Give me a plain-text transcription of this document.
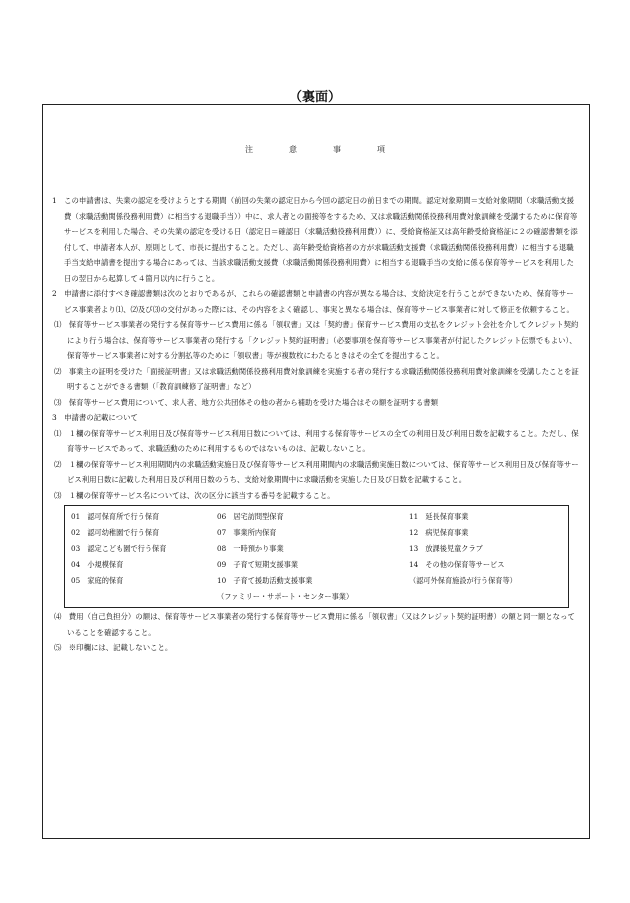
（裏面）
注　意　事　項

1　この申請書は、失業の認定を受けようとする期間（前回の失業の認定日から今回の認定日の前日までの期間。認定対象期間＝支給対象期間（求職活動支援費（求職活動関係役務利用費）に相当する退職手当））中に、求人者との面接等をするため、又は求職活動関係役務利用費対象訓練を受講するために保育等サービスを利用した場合、その失業の認定を受ける日（認定日＝確認日（求職活動役務利用費））に、受給資格証又は高年齢受給資格証に２の確認書類を添付して、申請者本人が、原則として、市長に提出すること。ただし、高年齢受給資格者の方が求職活動支援費（求職活動関係役務利用費）に相当する退職手当支給申請書を提出する場合にあっては、当該求職活動支援費（求職活動関係役務利用費）に相当する退職手当の支給に係る保育等サービスを利用した日の翌日から起算して４箇月以内に行うこと。

2　申請書に添付すべき確認書類は次のとおりであるが、これらの確認書類と申請書の内容が異なる場合は、支給決定を行うことができないため、保育等サービス事業者より⑴、⑵及び⑶の交付があった際には、その内容をよく確認し、事実と異なる場合は、保育等サービス事業者に対して修正を依頼すること。

⑴　保育等サービス事業者の発行する保育等サービス費用に係る「領収書」又は「契約書」保育サービス費用の支払をクレジット会社を介してクレジット契約により行う場合は、保育等サービス事業者の発行する「クレジット契約証明書」（必要事項を保育等サービス事業者が付記したクレジット伝票でもよい）、保育等サービス事業者に対する分割払等のために「領収書」等が複数枚にわたるときはその全てを提出すること。

⑵　事業主の証明を受けた「面接証明書」又は求職活動関係役務利用費対象訓練を実施する者の発行する求職活動関係役務利用費対象訓練を受講したことを証明することができる書類（「教育訓練修了証明書」など）

⑶　保育等サービス費用について、求人者、地方公共団体その他の者から補助を受けた場合はその額を証明する書類

3　申請書の記載について

⑴　１欄の保育等サービス利用日及び保育等サービス利用日数については、利用する保育等サービスの全ての利用日及び利用日数を記載すること。ただし、保育等サービスであって、求職活動のために利用するものではないものは、記載しないこと。

⑵　１欄の保育等サービス利用期間内の求職活動実施日及び保育等サービス利用期間内の求職活動実施日数については、保育等サービス利用日及び保育等サービス利用日数に記載した利用日及び利用日数のうち、支給対象期間中に求職活動を実施した日及び日数を記載すること。

⑶　１欄の保育等サービス名については、次の区分に該当する番号を記載すること。

01　認可保育所で行う保育	06　居宅訪問型保育	11　延長保育事業
02　認可幼稚園で行う保育	07　事業所内保育	12　病児保育事業
03　認定こども園で行う保育	08　一時預かり事業	13　放課後児童クラブ
04　小規模保育	09　子育て短期支援事業	14　その他の保育等サービス
05　家庭的保育	10　子育て援助活動支援事業	（認可外保育施設が行う保育等）
（ファミリー・サポート・センター事業）

⑷　費用（自己負担分）の額は、保育等サービス事業者の発行する保育等サービス費用に係る「領収書」（又はクレジット契約証明書）の額と同一額となっていることを確認すること。

⑸　※印欄には、記載しないこと。
